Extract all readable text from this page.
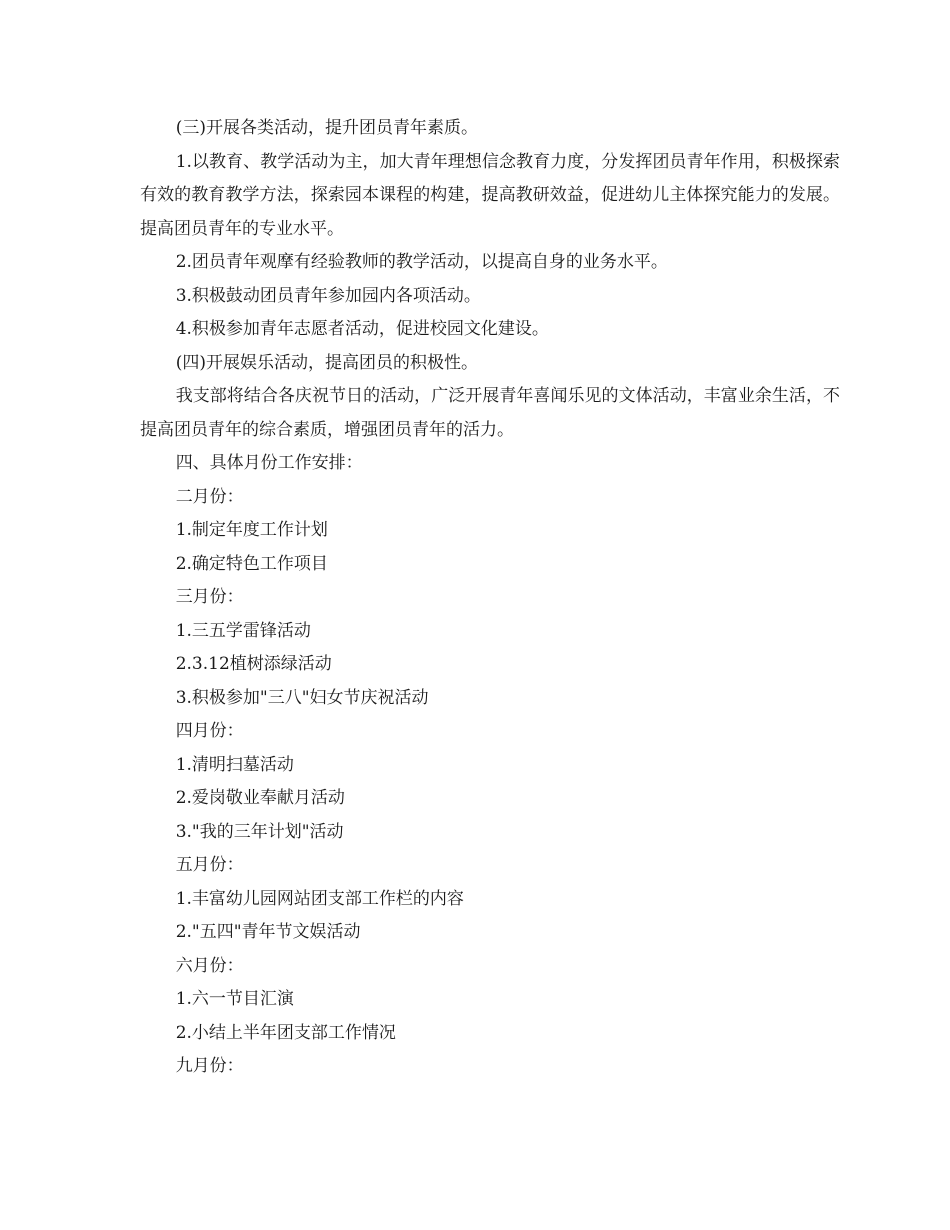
(三)开展各类活动，提升团员青年素质。

1.以教育、教学活动为主，加大青年理想信念教育力度，分发挥团员青年作用，积极探索有效的教育教学方法，探索园本课程的构建，提高教研效益，促进幼儿主体探究能力的发展。提高团员青年的专业水平。

2.团员青年观摩有经验教师的教学活动，以提高自身的业务水平。

3.积极鼓动团员青年参加园内各项活动。

4.积极参加青年志愿者活动，促进校园文化建设。

(四)开展娱乐活动，提高团员的积极性。

我支部将结合各庆祝节日的活动，广泛开展青年喜闻乐见的文体活动，丰富业余生活，不提高团员青年的综合素质，增强团员青年的活力。

四、具体月份工作安排：

二月份：

1.制定年度工作计划

2.确定特色工作项目

三月份：

1.三五学雷锋活动

2.3.12植树添绿活动

3.积极参加"三八"妇女节庆祝活动

四月份：

1.清明扫墓活动

2.爱岗敬业奉献月活动

3."我的三年计划"活动

五月份：

1.丰富幼儿园网站团支部工作栏的内容

2."五四"青年节文娱活动

六月份：

1.六一节目汇演

2.小结上半年团支部工作情况

九月份：
